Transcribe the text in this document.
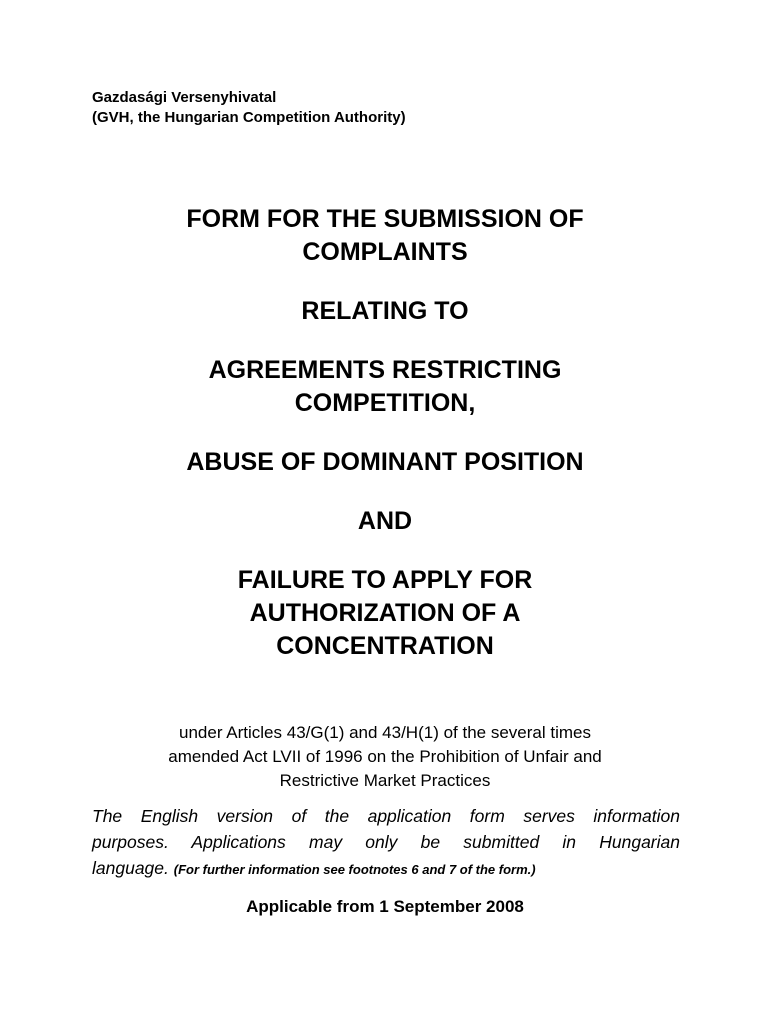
Gazdasági Versenyhivatal
(GVH, the Hungarian Competition Authority)
FORM FOR THE SUBMISSION OF
COMPLAINTS
RELATING TO
AGREEMENTS RESTRICTING
COMPETITION,
ABUSE OF DOMINANT POSITION
AND
FAILURE TO APPLY FOR
AUTHORIZATION OF A
CONCENTRATION
under Articles 43/G(1) and 43/H(1) of the several times
amended Act LVII of 1996 on the Prohibition of Unfair and
Restrictive Market Practices
The English version of the application form serves information
purposes. Applications may only be submitted in Hungarian
language. (For further information see footnotes 6 and 7 of the form.)
Applicable from 1 September 2008
